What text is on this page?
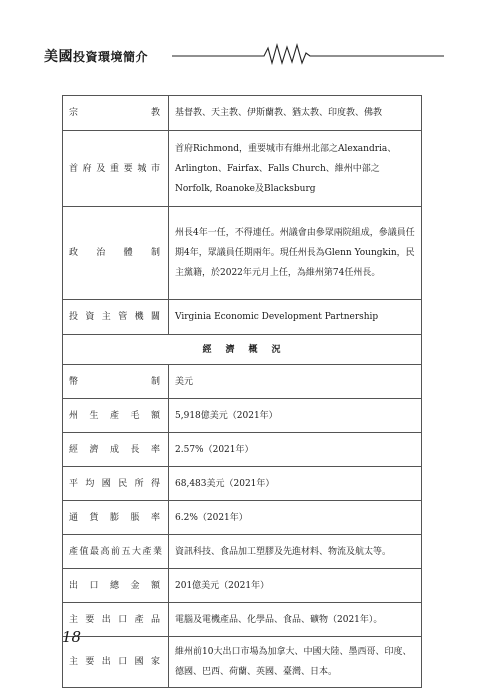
美國投資環境簡介
宗教	基督教、天主教、伊斯蘭教、猶太教、印度教、佛教
首府及重要城市	首府Richmond，重要城市有維州北部之Alexandria、Arlington、Fairfax、Falls Church、維州中部之Norfolk, Roanoke及Blacksburg
政治體制	州長4年一任，不得連任。州議會由參眾兩院組成，參議員任期4年，眾議員任期兩年。現任州長為Glenn Youngkin，民主黨籍，於2022年元月上任，為維州第74任州長。
投資主管機關	Virginia Economic Development Partnership
經濟概況	
幣制	美元
州生產毛額	5,918億美元（2021年）
經濟成長率	2.57%（2021年）
平均國民所得	68,483美元（2021年）
通貨膨脹率	6.2%（2021年）
產值最高前五大產業	資訊科技、食品加工塑膠及先進材料、物流及航太等。
出口總金額	201億美元（2021年）
主要出口產品	電腦及電機產品、化學品、食品、礦物（2021年）。
主要出口國家	維州前10大出口市場為加拿大、中國大陸、墨西哥、印度、德國、巴西、荷蘭、英國、臺灣、日本。
18
